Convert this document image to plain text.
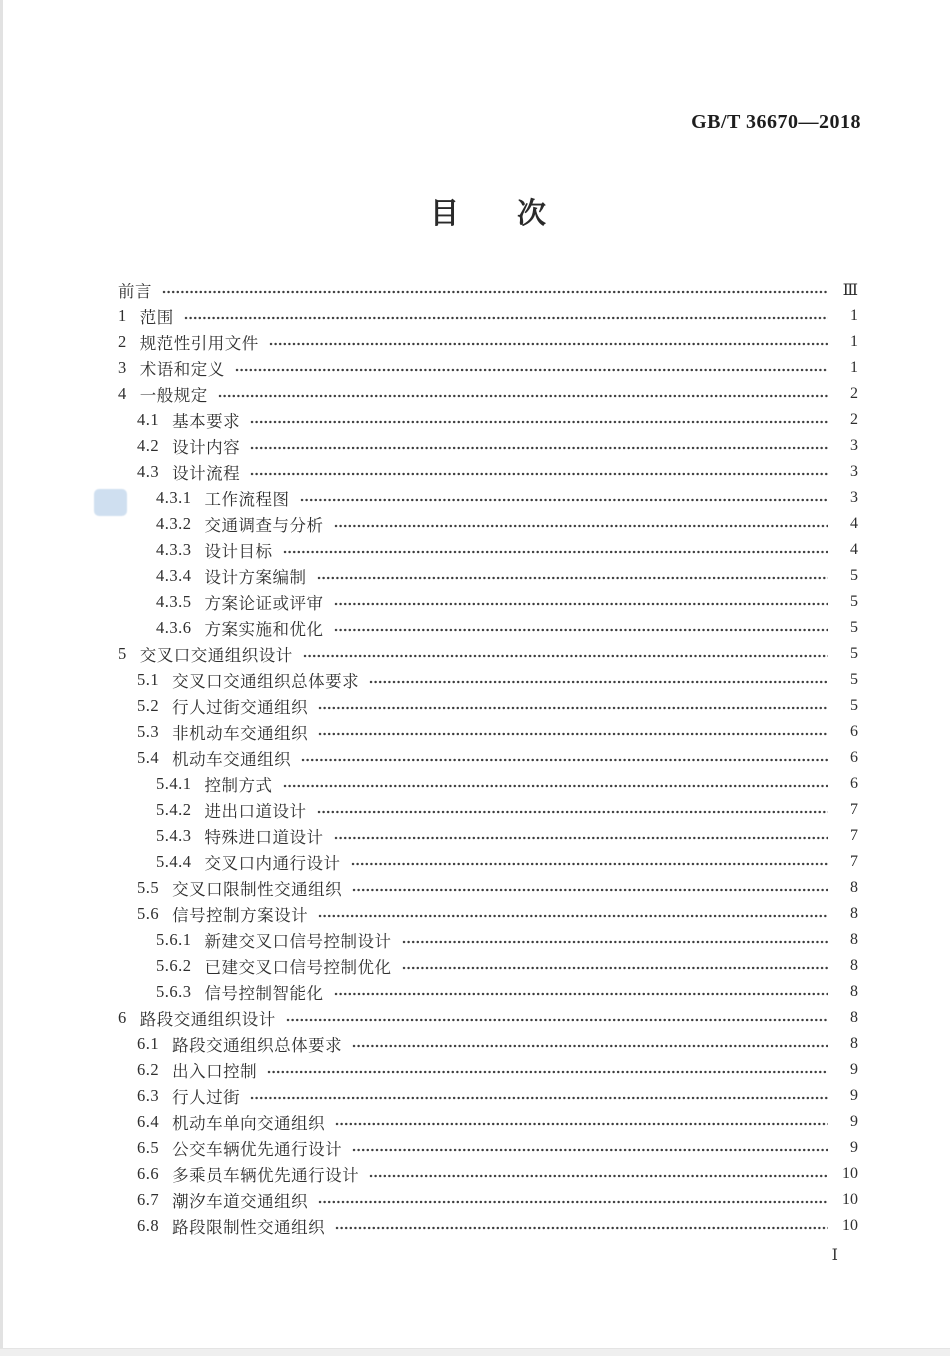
GB/T 36670—2018
目　　次
前言	Ⅲ
1 范围	1
2 规范性引用文件	1
3 术语和定义	1
4 一般规定	2
4.1 基本要求	2
4.2 设计内容	3
4.3 设计流程	3
4.3.1 工作流程图	3
4.3.2 交通调查与分析	4
4.3.3 设计目标	4
4.3.4 设计方案编制	5
4.3.5 方案论证或评审	5
4.3.6 方案实施和优化	5
5 交叉口交通组织设计	5
5.1 交叉口交通组织总体要求	5
5.2 行人过街交通组织	5
5.3 非机动车交通组织	6
5.4 机动车交通组织	6
5.4.1 控制方式	6
5.4.2 进出口道设计	7
5.4.3 特殊进口道设计	7
5.4.4 交叉口内通行设计	7
5.5 交叉口限制性交通组织	8
5.6 信号控制方案设计	8
5.6.1 新建交叉口信号控制设计	8
5.6.2 已建交叉口信号控制优化	8
5.6.3 信号控制智能化	8
6 路段交通组织设计	8
6.1 路段交通组织总体要求	8
6.2 出入口控制	9
6.3 行人过街	9
6.4 机动车单向交通组织	9
6.5 公交车辆优先通行设计	9
6.6 多乘员车辆优先通行设计	10
6.7 潮汐车道交通组织	10
6.8 路段限制性交通组织	10
Ⅰ
